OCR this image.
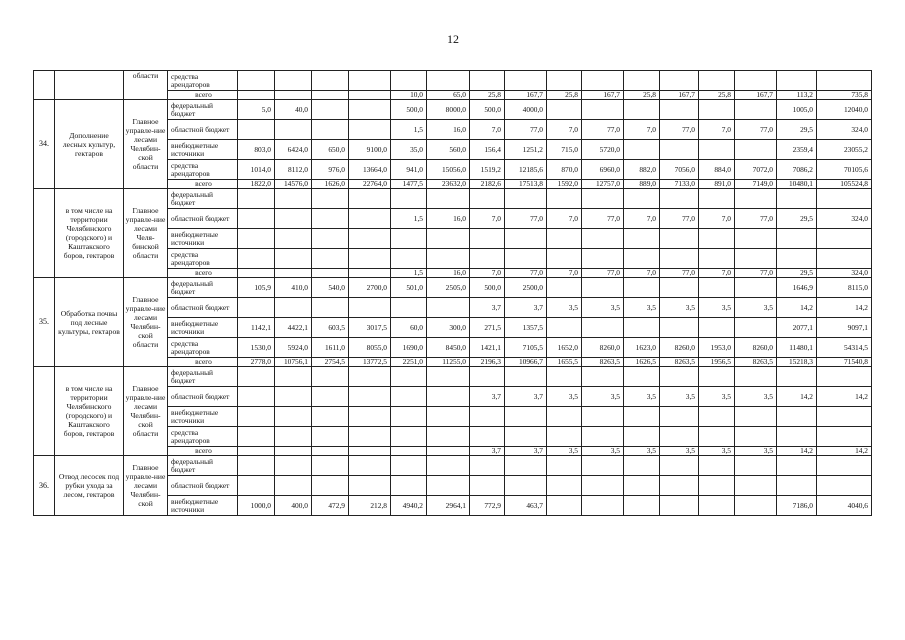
12
		области	средства арендаторов																
			всего					10,0	65,0	25,8	167,7	25,8	167,7	25,8	167,7	25,8	167,7	113,2	735,8
34.	Дополнение лесных культур, гектаров	Главное управле-ние лесами Челябин-ской области	федеральный бюджет	5,0	40,0			500,0	8000,0	500,0	4000,0							1005,0	12040,0
			областной бюджет					1,5	16,0	7,0	77,0	7,0	77,0	7,0	77,0	7,0	77,0	29,5	324,0
			внебюджетные источники	803,0	6424,0	650,0	9100,0	35,0	560,0	156,4	1251,2	715,0	5720,0					2359,4	23055,2
			средства арендаторов	1014,0	8112,0	976,0	13664,0	941,0	15056,0	1519,2	12185,6	870,0	6960,0	882,0	7056,0	884,0	7072,0	7086,2	70105,6
			всего	1822,0	14576,0	1626,0	22764,0	1477,5	23632,0	2182,6	17513,8	1592,0	12757,0	889,0	7133,0	891,0	7149,0	10480,1	105524,8
	в том числе на территории Челябинского (городского) и Каштакского боров, гектаров	Главное управле-ние лесами Челя-бинской области	федеральный бюджет																
			областной бюджет					1,5	16,0	7,0	77,0	7,0	77,0	7,0	77,0	7,0	77,0	29,5	324,0
			внебюджетные источники																
			средства арендаторов																
			всего					1,5	16,0	7,0	77,0	7,0	77,0	7,0	77,0	7,0	77,0	29,5	324,0
35.	Обработка почвы под лесные культуры, гектаров	Главное управле-ние лесами Челябин-ской области	федеральный бюджет	105,9	410,0	540,0	2700,0	501,0	2505,0	500,0	2500,0							1646,9	8115,0
			областной бюджет							3,7	3,7	3,5	3,5	3,5	3,5	3,5	3,5	14,2	14,2
			внебюджетные источники	1142,1	4422,1	603,5	3017,5	60,0	300,0	271,5	1357,5							2077,1	9097,1
			средства арендаторов	1530,0	5924,0	1611,0	8055,0	1690,0	8450,0	1421,1	7105,5	1652,0	8260,0	1623,0	8260,0	1953,0	8260,0	11480,1	54314,5
			всего	2778,0	10756,1	2754,5	13772,5	2251,0	11255,0	2196,3	10966,7	1655,5	8263,5	1626,5	8263,5	1956,5	8263,5	15218,3	71540,8
	в том числе на территории Челябинского (городского) и Каштакского боров, гектаров	Главное управле-ние лесами Челябин-ской области	федеральный бюджет																
			областной бюджет							3,7	3,7	3,5	3,5	3,5	3,5	3,5	3,5	14,2	14,2
			внебюджетные источники																
			средства арендаторов																
			всего							3,7	3,7	3,5	3,5	3,5	3,5	3,5	3,5	14,2	14,2
36.	Отвод лесосек под рубки ухода за лесом, гектаров	Главное управле-ние лесами Челябин-ской	федеральный бюджет																
			областной бюджет																
			внебюджетные источники	1000,0	400,0	472,9	212,8	4940,2	2964,1	772,9	463,7							7186,0	4040,6
